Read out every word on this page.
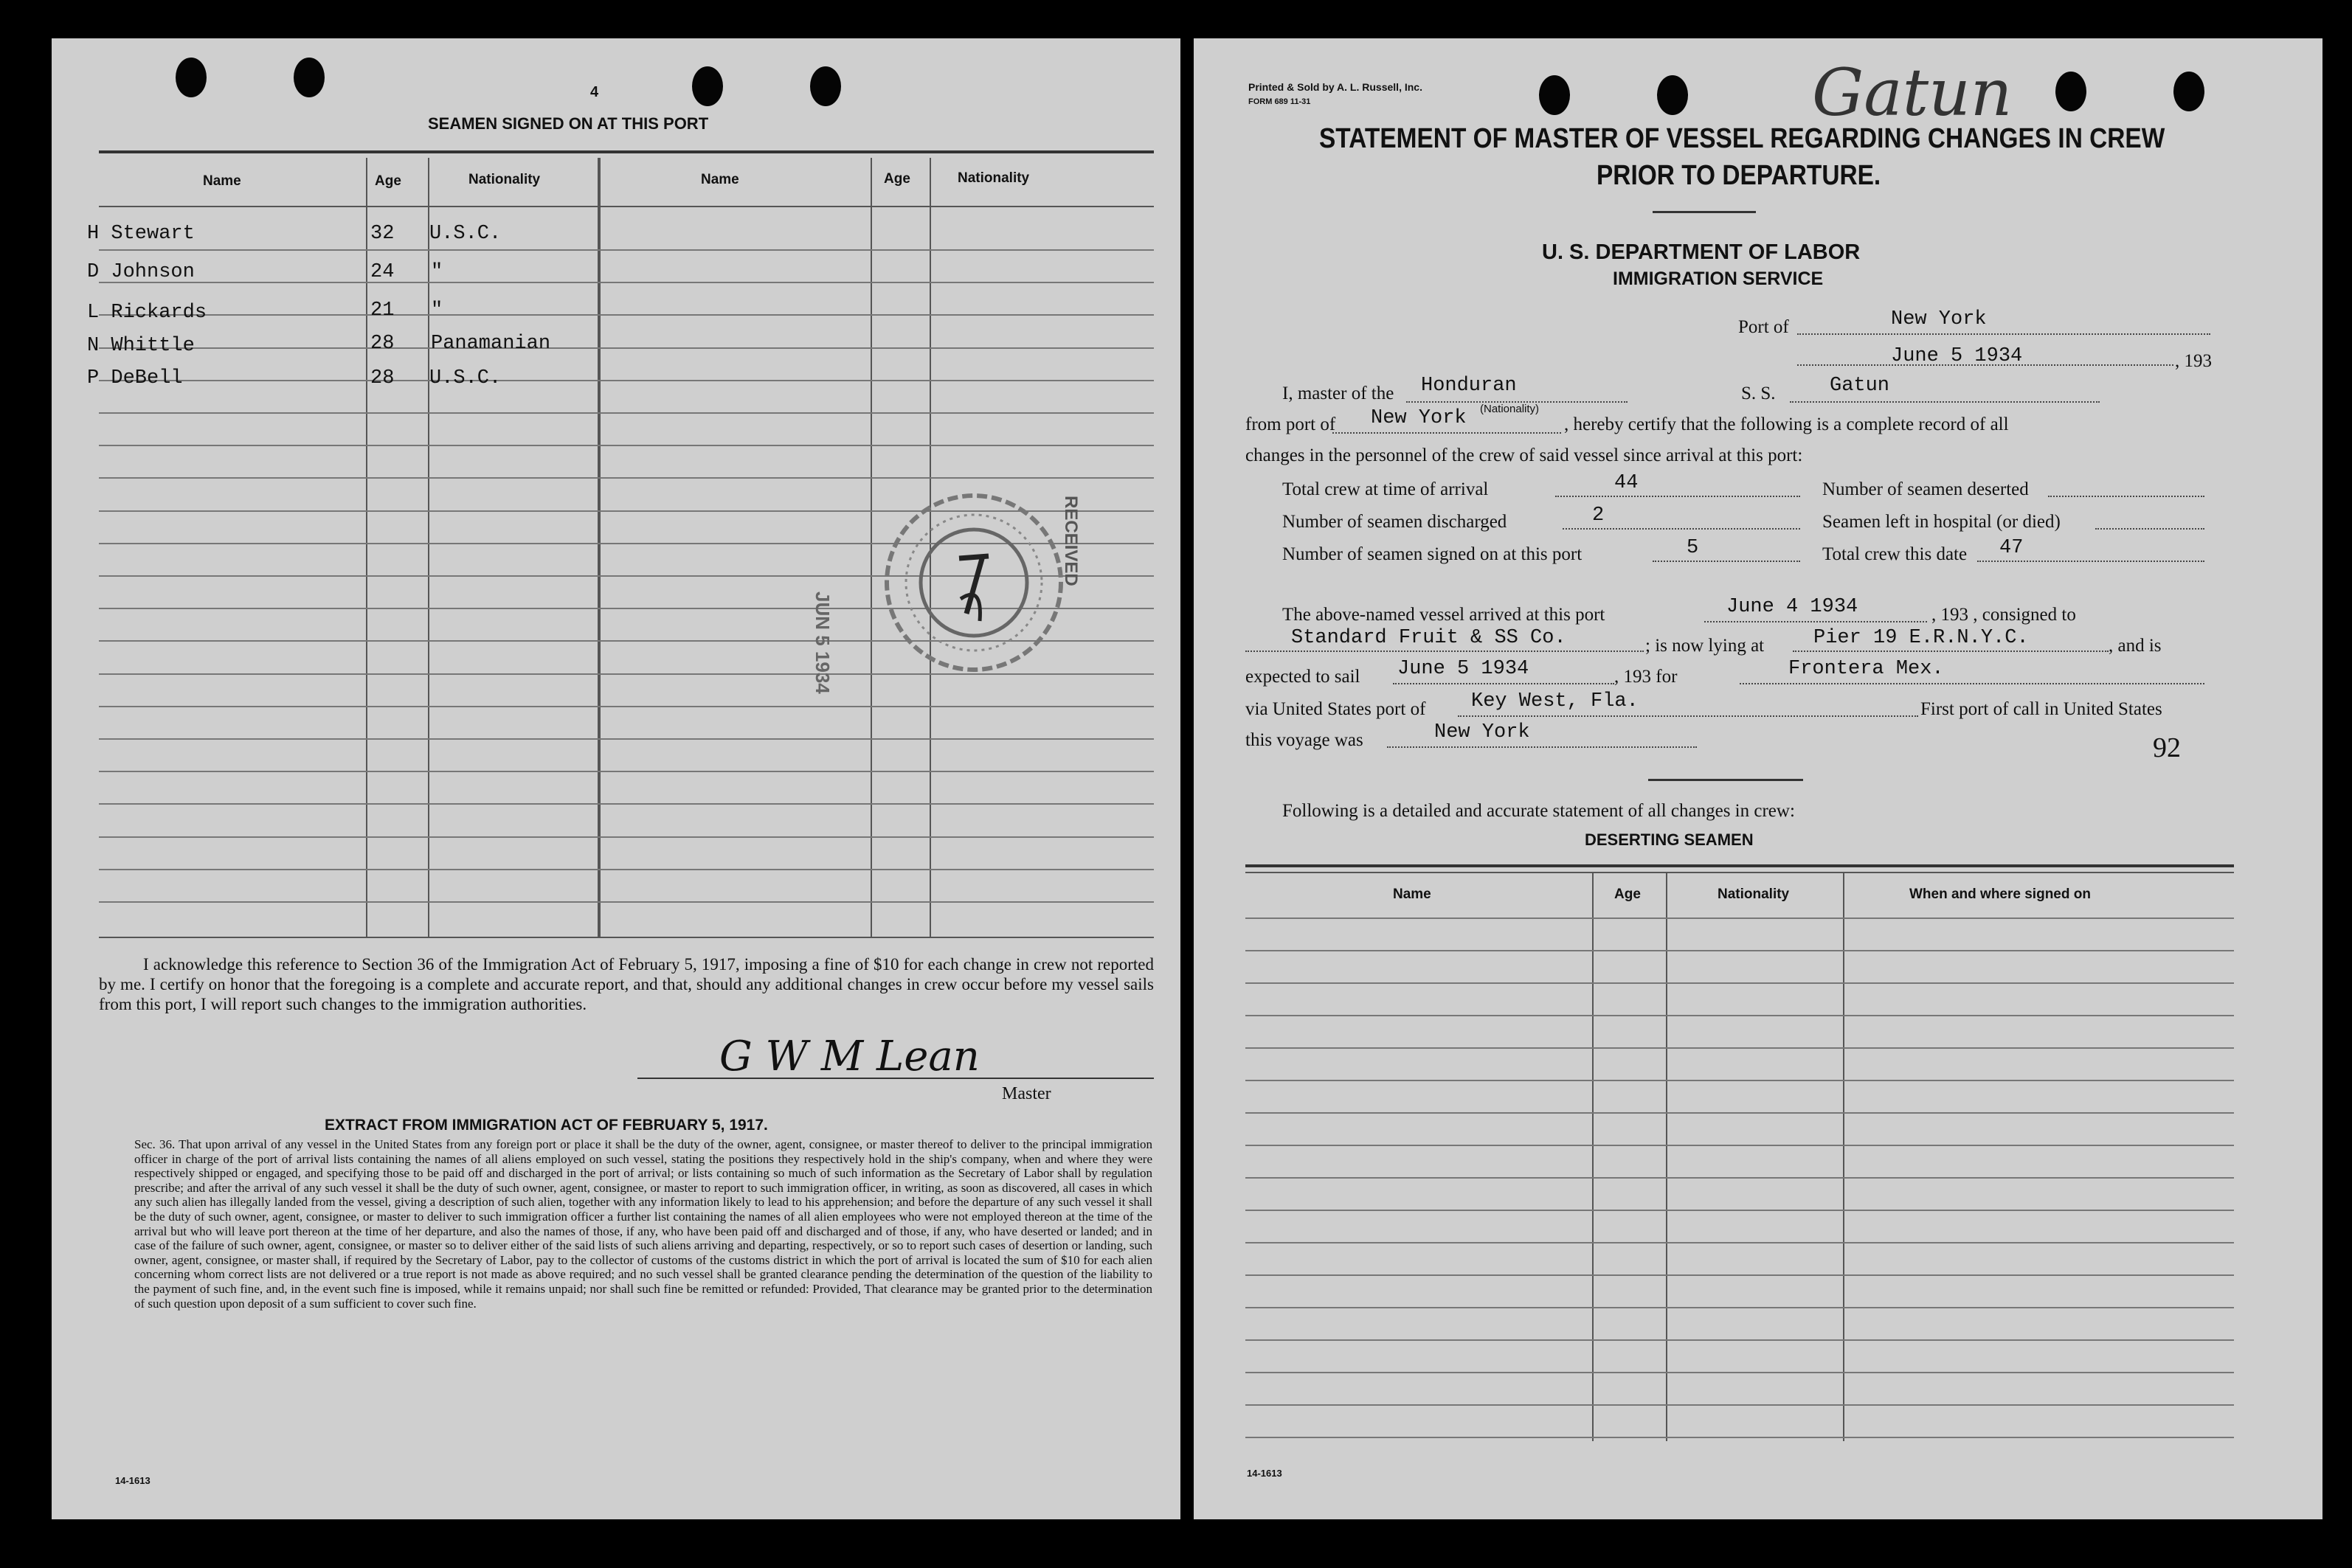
4
SEAMEN SIGNED ON AT THIS PORT
Name	Age	Nationality	Name	Age	Nationality
H Stewart	32 U.S.C.
D Johnson	24 "
L Rickards	21 "
N Whittle	28 Panamanian
P DeBell	28 U.S.C.
JUN 5 1934
RECEIVED
I acknowledge this reference to Section 36 of the Immigration Act of February 5, 1917, imposing a fine of $10 for each change in crew not reported by me. I certify on honor that the foregoing is a complete and accurate report, and that, should any additional changes in crew occur before my vessel sails from this port, I will report such changes to the immigration authorities.
G W M Lean
Master
EXTRACT FROM IMMIGRATION ACT OF FEBRUARY 5, 1917.
Sec. 36. That upon arrival of any vessel in the United States from any foreign port or place it shall be the duty of the owner, agent, consignee, or master thereof to deliver to the principal immigration officer in charge of the port of arrival lists containing the names of all aliens employed on such vessel, stating the positions they respectively hold in the ship's company, when and where they were respectively shipped or engaged, and specifying those to be paid off and discharged in the port of arrival; or lists containing so much of such information as the Secretary of Labor shall by regulation prescribe; and after the arrival of any such vessel it shall be the duty of such owner, agent, consignee, or master to report to such immigration officer, in writing, as soon as discovered, all cases in which any such alien has illegally landed from the vessel, giving a description of such alien, together with any information likely to lead to his apprehension; and before the departure of any such vessel it shall be the duty of such owner, agent, consignee, or master to deliver to such immigration officer a further list containing the names of all alien employees who were not employed thereon at the time of the arrival but who will leave port thereon at the time of her departure, and also the names of those, if any, who have been paid off and discharged and of those, if any, who have deserted or landed; and in case of the failure of such owner, agent, consignee, or master so to deliver either of the said lists of such aliens arriving and departing, respectively, or so to report such cases of desertion or landing, such owner, agent, consignee, or master shall, if required by the Secretary of Labor, pay to the collector of customs of the customs district in which the port of arrival is located the sum of $10 for each alien concerning whom correct lists are not delivered or a true report is not made as above required; and no such vessel shall be granted clearance pending the determination of the question of the liability to the payment of such fine, and, in the event such fine is imposed, while it remains unpaid; nor shall such fine be remitted or refunded: Provided, That clearance may be granted prior to the determination of such question upon deposit of a sum sufficient to cover such fine.
14-1613
Printed & Sold by A. L. Russell, Inc.
FORM 689 11-31	Gatun
STATEMENT OF MASTER OF VESSEL REGARDING CHANGES IN CREW
PRIOR TO DEPARTURE.
U. S. DEPARTMENT OF LABOR
IMMIGRATION SERVICE
Port of	New York
June 5 1934	, 193
I, master of the Honduran
(Nationality)
S. S.	Gatun
from port of New York	, hereby certify that the following is a complete record of all
changes in the personnel of the crew of said vessel since arrival at this port:
Total crew at time of arrival	44	Number of seamen deserted
Number of seamen discharged	2	Seamen left in hospital (or died)
Number of seamen signed on at this port	5	Total crew this date 47
The above-named vessel arrived at this port	June 4 1934	, 193 , consigned to
Standard Fruit & SS Co.	; is now lying at Pier 19 E.R.N.Y.C.	, and is
expected to sail June 5 1934	, 193 for	Frontera Mex.
via United States port of Key West, Fla.	First port of call in United States
this voyage was	New York	92
Following is a detailed and accurate statement of all changes in crew:
DESERTING SEAMEN
Name	Age	Nationality	When and where signed on
14-1613
